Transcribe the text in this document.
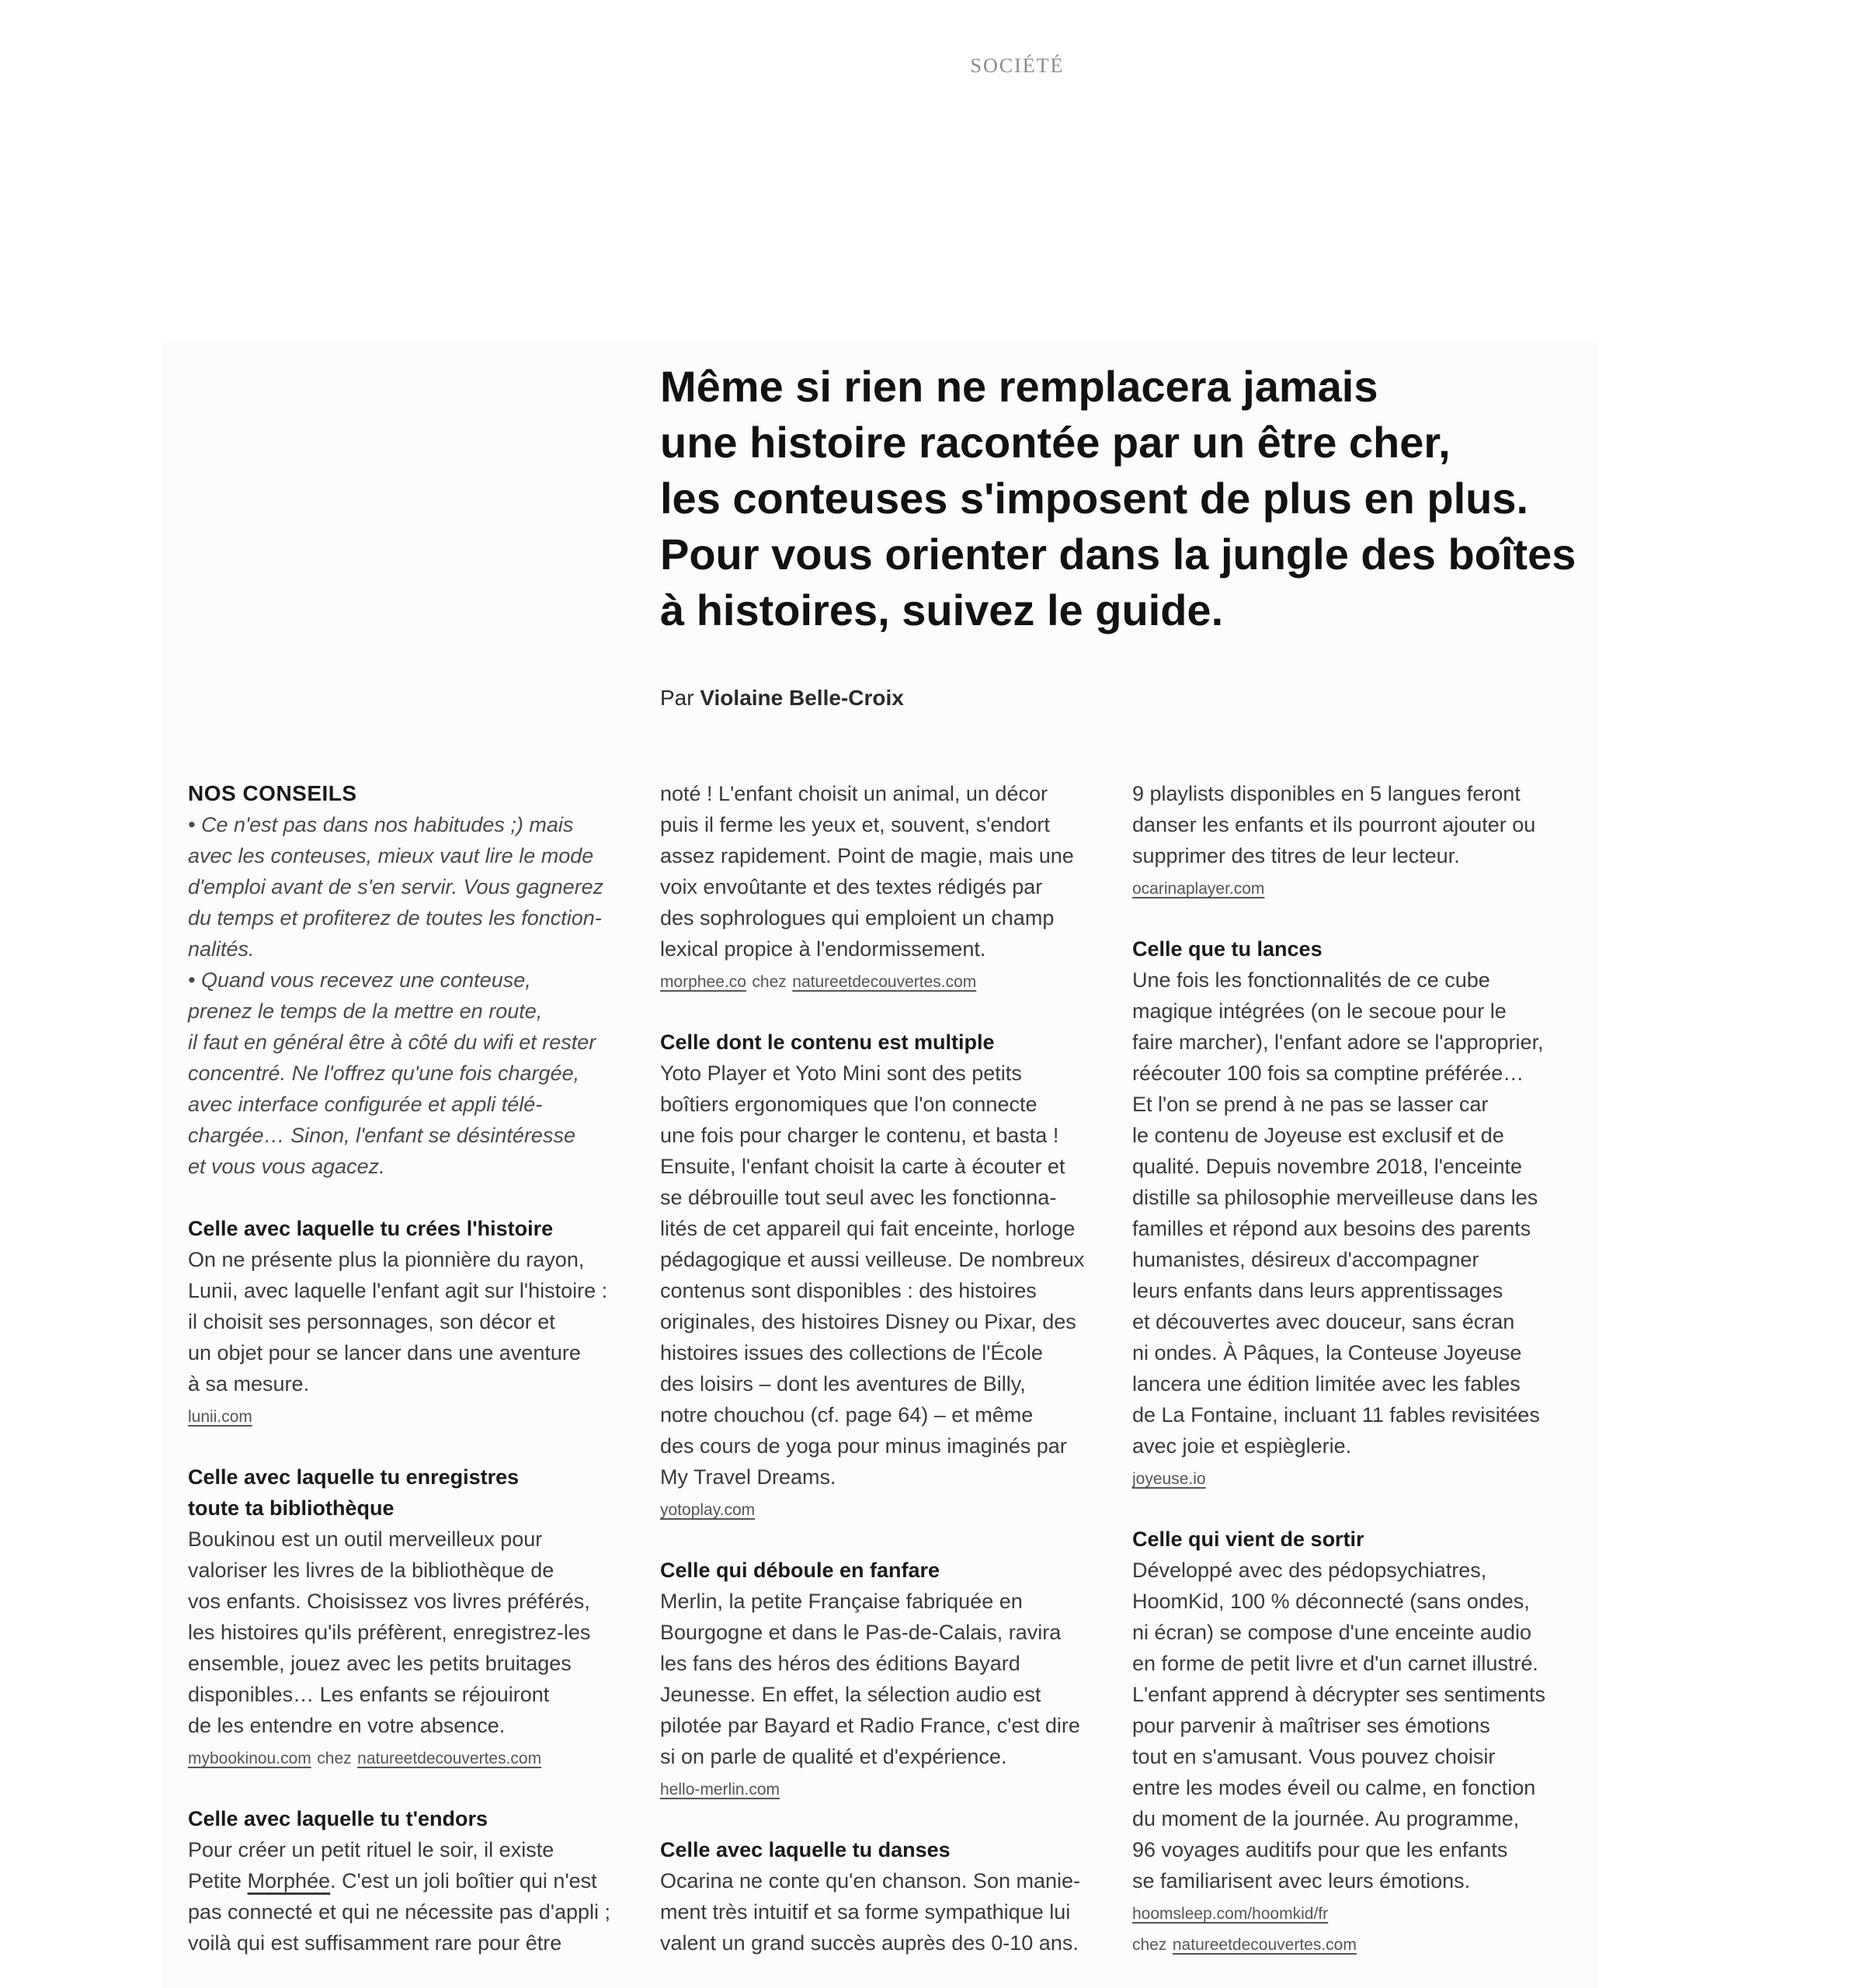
SOCIÉTÉ
Même si rien ne remplacera jamais
une histoire racontée par un être cher,
les conteuses s'imposent de plus en plus.
Pour vous orienter dans la jungle des boîtes
à histoires, suivez le guide.
Par Violaine Belle-Croix
NOS CONSEILS
• Ce n'est pas dans nos habitudes ;) mais
avec les conteuses, mieux vaut lire le mode
d'emploi avant de s'en servir. Vous gagnerez
du temps et profiterez de toutes les fonction-
nalités.
• Quand vous recevez une conteuse,
prenez le temps de la mettre en route,
il faut en général être à côté du wifi et rester
concentré. Ne l'offrez qu'une fois chargée,
avec interface configurée et appli télé-
chargée… Sinon, l'enfant se désintéresse
et vous vous agacez.
Celle avec laquelle tu crées l'histoire
On ne présente plus la pionnière du rayon,
Lunii, avec laquelle l'enfant agit sur l'histoire :
il choisit ses personnages, son décor et
un objet pour se lancer dans une aventure
à sa mesure.
lunii.com
Celle avec laquelle tu enregistres
toute ta bibliothèque
Boukinou est un outil merveilleux pour
valoriser les livres de la bibliothèque de
vos enfants. Choisissez vos livres préférés,
les histoires qu'ils préfèrent, enregistrez-les
ensemble, jouez avec les petits bruitages
disponibles… Les enfants se réjouiront
de les entendre en votre absence.
mybookinou.com chez natureetdecouvertes.com
Celle avec laquelle tu t'endors
Pour créer un petit rituel le soir, il existe
Petite Morphée. C'est un joli boîtier qui n'est
pas connecté et qui ne nécessite pas d'appli ;
voilà qui est suffisamment rare pour être
noté ! L'enfant choisit un animal, un décor
puis il ferme les yeux et, souvent, s'endort
assez rapidement. Point de magie, mais une
voix envoûtante et des textes rédigés par
des sophrologues qui emploient un champ
lexical propice à l'endormissement.
morphee.co chez natureetdecouvertes.com
Celle dont le contenu est multiple
Yoto Player et Yoto Mini sont des petits
boîtiers ergonomiques que l'on connecte
une fois pour charger le contenu, et basta !
Ensuite, l'enfant choisit la carte à écouter et
se débrouille tout seul avec les fonctionna-
lités de cet appareil qui fait enceinte, horloge
pédagogique et aussi veilleuse. De nombreux
contenus sont disponibles : des histoires
originales, des histoires Disney ou Pixar, des
histoires issues des collections de l'École
des loisirs – dont les aventures de Billy,
notre chouchou (cf. page 64) – et même
des cours de yoga pour minus imaginés par
My Travel Dreams.
yotoplay.com
Celle qui déboule en fanfare
Merlin, la petite Française fabriquée en
Bourgogne et dans le Pas-de-Calais, ravira
les fans des héros des éditions Bayard
Jeunesse. En effet, la sélection audio est
pilotée par Bayard et Radio France, c'est dire
si on parle de qualité et d'expérience.
hello-merlin.com
Celle avec laquelle tu danses
Ocarina ne conte qu'en chanson. Son manie-
ment très intuitif et sa forme sympathique lui
valent un grand succès auprès des 0-10 ans.
9 playlists disponibles en 5 langues feront
danser les enfants et ils pourront ajouter ou
supprimer des titres de leur lecteur.
ocarinaplayer.com
Celle que tu lances
Une fois les fonctionnalités de ce cube
magique intégrées (on le secoue pour le
faire marcher), l'enfant adore se l'approprier,
réécouter 100 fois sa comptine préférée…
Et l'on se prend à ne pas se lasser car
le contenu de Joyeuse est exclusif et de
qualité. Depuis novembre 2018, l'enceinte
distille sa philosophie merveilleuse dans les
familles et répond aux besoins des parents
humanistes, désireux d'accompagner
leurs enfants dans leurs apprentissages
et découvertes avec douceur, sans écran
ni ondes. À Pâques, la Conteuse Joyeuse
lancera une édition limitée avec les fables
de La Fontaine, incluant 11 fables revisitées
avec joie et espièglerie.
joyeuse.io
Celle qui vient de sortir
Développé avec des pédopsychiatres,
HoomKid, 100 % déconnecté (sans ondes,
ni écran) se compose d'une enceinte audio
en forme de petit livre et d'un carnet illustré.
L'enfant apprend à décrypter ses sentiments
pour parvenir à maîtriser ses émotions
tout en s'amusant. Vous pouvez choisir
entre les modes éveil ou calme, en fonction
du moment de la journée. Au programme,
96 voyages auditifs pour que les enfants
se familiarisent avec leurs émotions.
hoomsleep.com/hoomkid/fr
chez natureetdecouvertes.com
